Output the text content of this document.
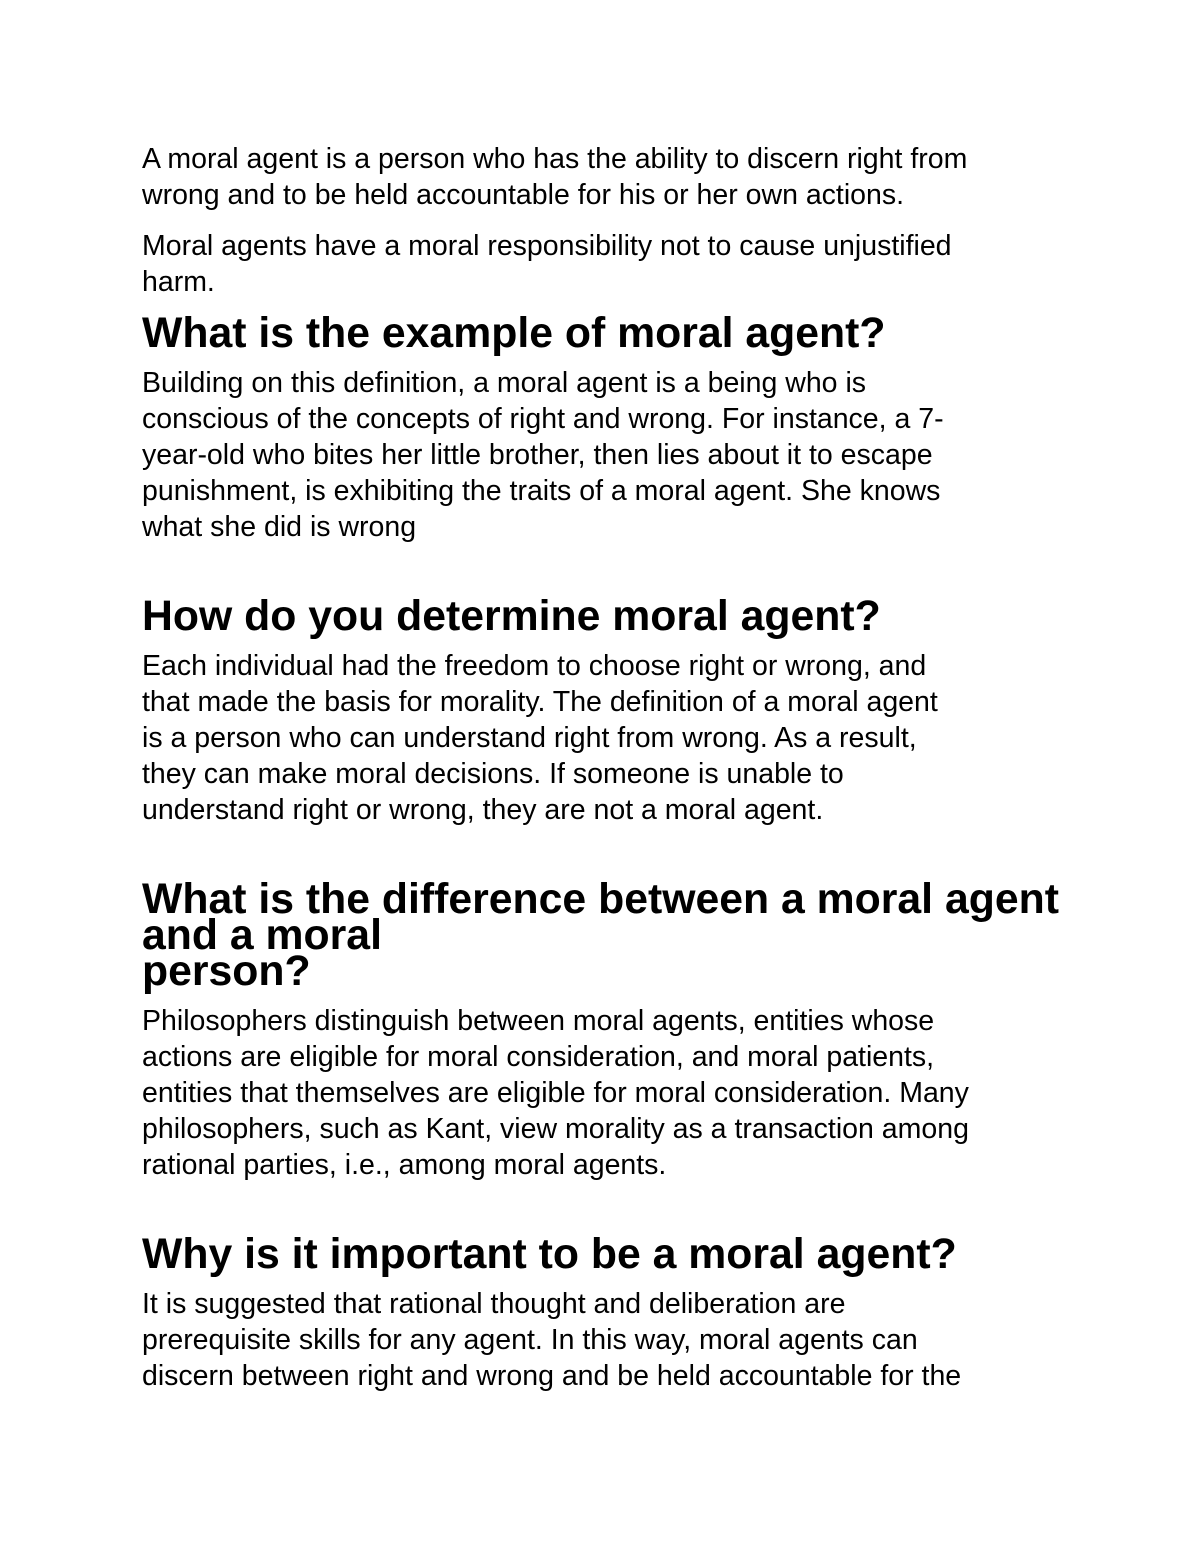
A moral agent is a person who has the ability to discern right from
wrong and to be held accountable for his or her own actions.

Moral agents have a moral responsibility not to cause unjustified
harm.

What is the example of moral agent?

Building on this definition, a moral agent is a being who is
conscious of the concepts of right and wrong. For instance, a 7-
year-old who bites her little brother, then lies about it to escape
punishment, is exhibiting the traits of a moral agent. She knows
what she did is wrong

How do you determine moral agent?

Each individual had the freedom to choose right or wrong, and
that made the basis for morality. The definition of a moral agent
is a person who can understand right from wrong. As a result,
they can make moral decisions. If someone is unable to
understand right or wrong, they are not a moral agent.

What is the difference between a moral agent and a moral
person?

Philosophers distinguish between moral agents, entities whose
actions are eligible for moral consideration, and moral patients,
entities that themselves are eligible for moral consideration. Many
philosophers, such as Kant, view morality as a transaction among
rational parties, i.e., among moral agents.

Why is it important to be a moral agent?

It is suggested that rational thought and deliberation are
prerequisite skills for any agent. In this way, moral agents can
discern between right and wrong and be held accountable for the
